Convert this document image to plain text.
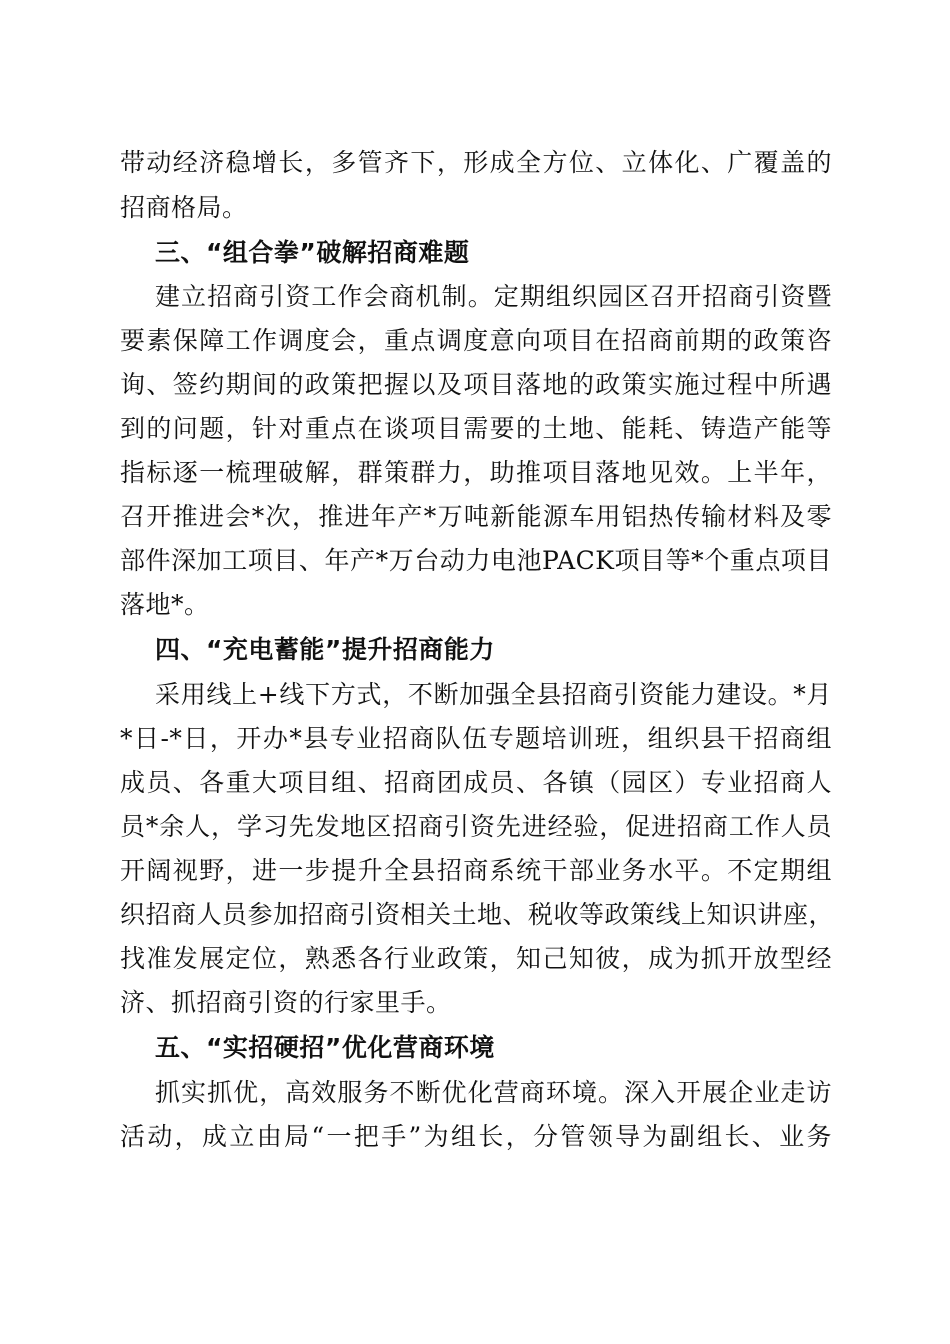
带动经济稳增长，多管齐下，形成全方位、立体化、广覆盖的
招商格局。
三、“组合拳”破解招商难题
建立招商引资工作会商机制。定期组织园区召开招商引资暨
要素保障工作调度会，重点调度意向项目在招商前期的政策咨
询、签约期间的政策把握以及项目落地的政策实施过程中所遇
到的问题，针对重点在谈项目需要的土地、能耗、铸造产能等
指标逐一梳理破解，群策群力，助推项目落地见效。上半年，
召开推进会*次，推进年产*万吨新能源车用铝热传输材料及零
部件深加工项目、年产*万台动力电池PACK项目等*个重点项目
落地*。
四、“充电蓄能”提升招商能力
采用线上+线下方式，不断加强全县招商引资能力建设。*月
*日-*日，开办*县专业招商队伍专题培训班，组织县干招商组
成员、各重大项目组、招商团成员、各镇（园区）专业招商人
员*余人，学习先发地区招商引资先进经验，促进招商工作人员
开阔视野，进一步提升全县招商系统干部业务水平。不定期组
织招商人员参加招商引资相关土地、税收等政策线上知识讲座，
找准发展定位，熟悉各行业政策，知己知彼，成为抓开放型经
济、抓招商引资的行家里手。
五、“实招硬招”优化营商环境
抓实抓优，高效服务不断优化营商环境。深入开展企业走访
活动，成立由局“一把手”为组长，分管领导为副组长、业务
